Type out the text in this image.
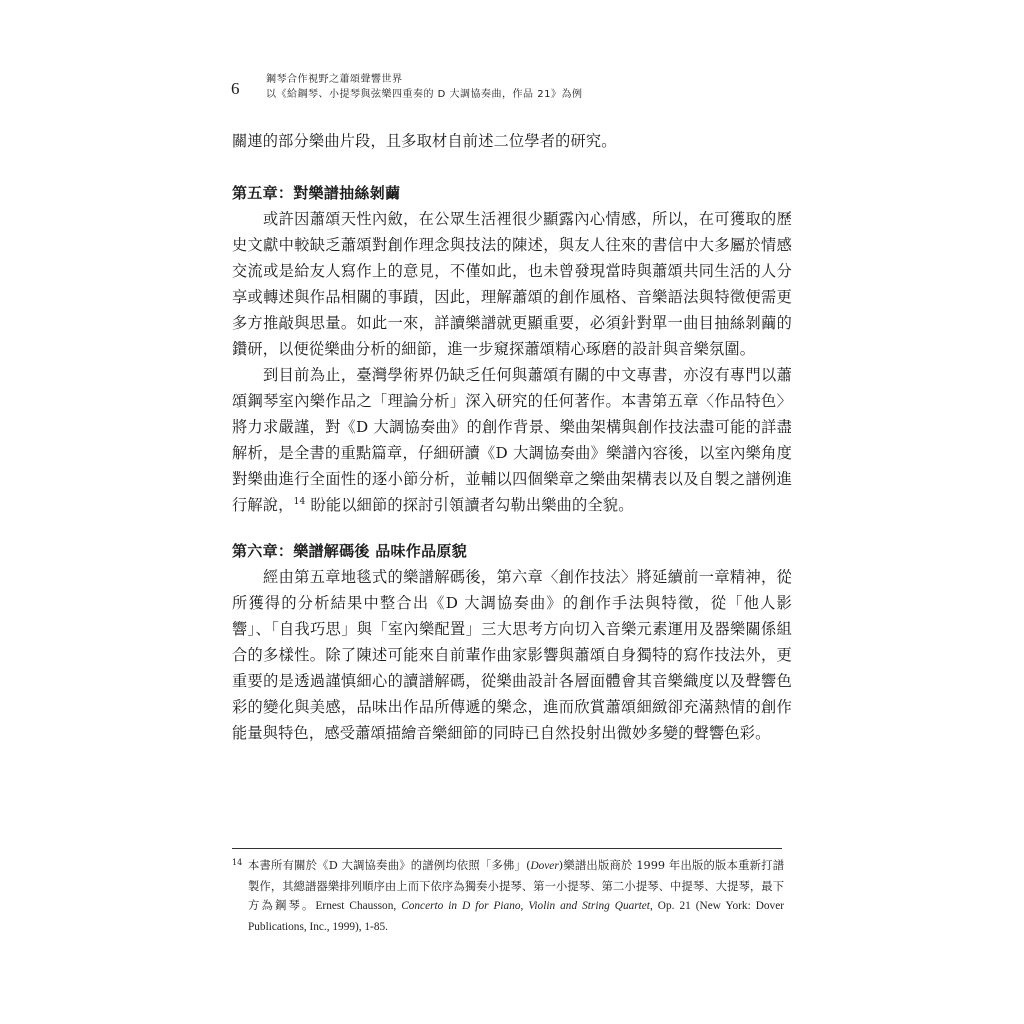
6	鋼琴合作視野之蕭頌聲響世界
以《給鋼琴、小提琴與弦樂四重奏的 D 大調協奏曲，作品 21》為例

關連的部分樂曲片段，且多取材自前述二位學者的研究。

第五章：對樂譜抽絲剝繭

或許因蕭頌天性內斂，在公眾生活裡很少顯露內心情感，所以，在可獲取的歷史文獻中較缺乏蕭頌對創作理念與技法的陳述，與友人往來的書信中大多屬於情感交流或是給友人寫作上的意見，不僅如此，也未曾發現當時與蕭頌共同生活的人分享或轉述與作品相關的事蹟，因此，理解蕭頌的創作風格、音樂語法與特徵便需更多方推敲與思量。如此一來，詳讀樂譜就更顯重要，必須針對單一曲目抽絲剝繭的鑽研，以便從樂曲分析的細節，進一步窺探蕭頌精心琢磨的設計與音樂氛圍。

到目前為止，臺灣學術界仍缺乏任何與蕭頌有關的中文專書，亦沒有專門以蕭頌鋼琴室內樂作品之「理論分析」深入研究的任何著作。本書第五章〈作品特色〉將力求嚴謹，對《D 大調協奏曲》的創作背景、樂曲架構與創作技法盡可能的詳盡解析，是全書的重點篇章，仔細研讀《D 大調協奏曲》樂譜內容後，以室內樂角度對樂曲進行全面性的逐小節分析，並輔以四個樂章之樂曲架構表以及自製之譜例進行解說，$^{14}$ 盼能以細節的探討引領讀者勾勒出樂曲的全貌。

第六章：樂譜解碼後 品味作品原貌

經由第五章地毯式的樂譜解碼後，第六章〈創作技法〉將延續前一章精神，從所獲得的分析結果中整合出《D 大調協奏曲》的創作手法與特徵，從「他人影響」、「自我巧思」與「室內樂配置」三大思考方向切入音樂元素運用及器樂關係組合的多樣性。除了陳述可能來自前輩作曲家影響與蕭頌自身獨特的寫作技法外，更重要的是透過謹慎細心的讀譜解碼，從樂曲設計各層面體會其音樂織度以及聲響色彩的變化與美感，品味出作品所傳遞的樂念，進而欣賞蕭頌細緻卻充滿熱情的創作能量與特色，感受蕭頌描繪音樂細節的同時已自然投射出微妙多變的聲響色彩。

14 本書所有關於《D 大調協奏曲》的譜例均依照「多佛」(Dover)樂譜出版商於 1999 年出版的版本重新打譜製作，其總譜器樂排列順序由上而下依序為獨奏小提琴、第一小提琴、第二小提琴、中提琴、大提琴，最下方為鋼琴。Ernest Chausson, Concerto in D for Piano, Violin and String Quartet, Op. 21 (New York: Dover Publications, Inc., 1999), 1-85.
